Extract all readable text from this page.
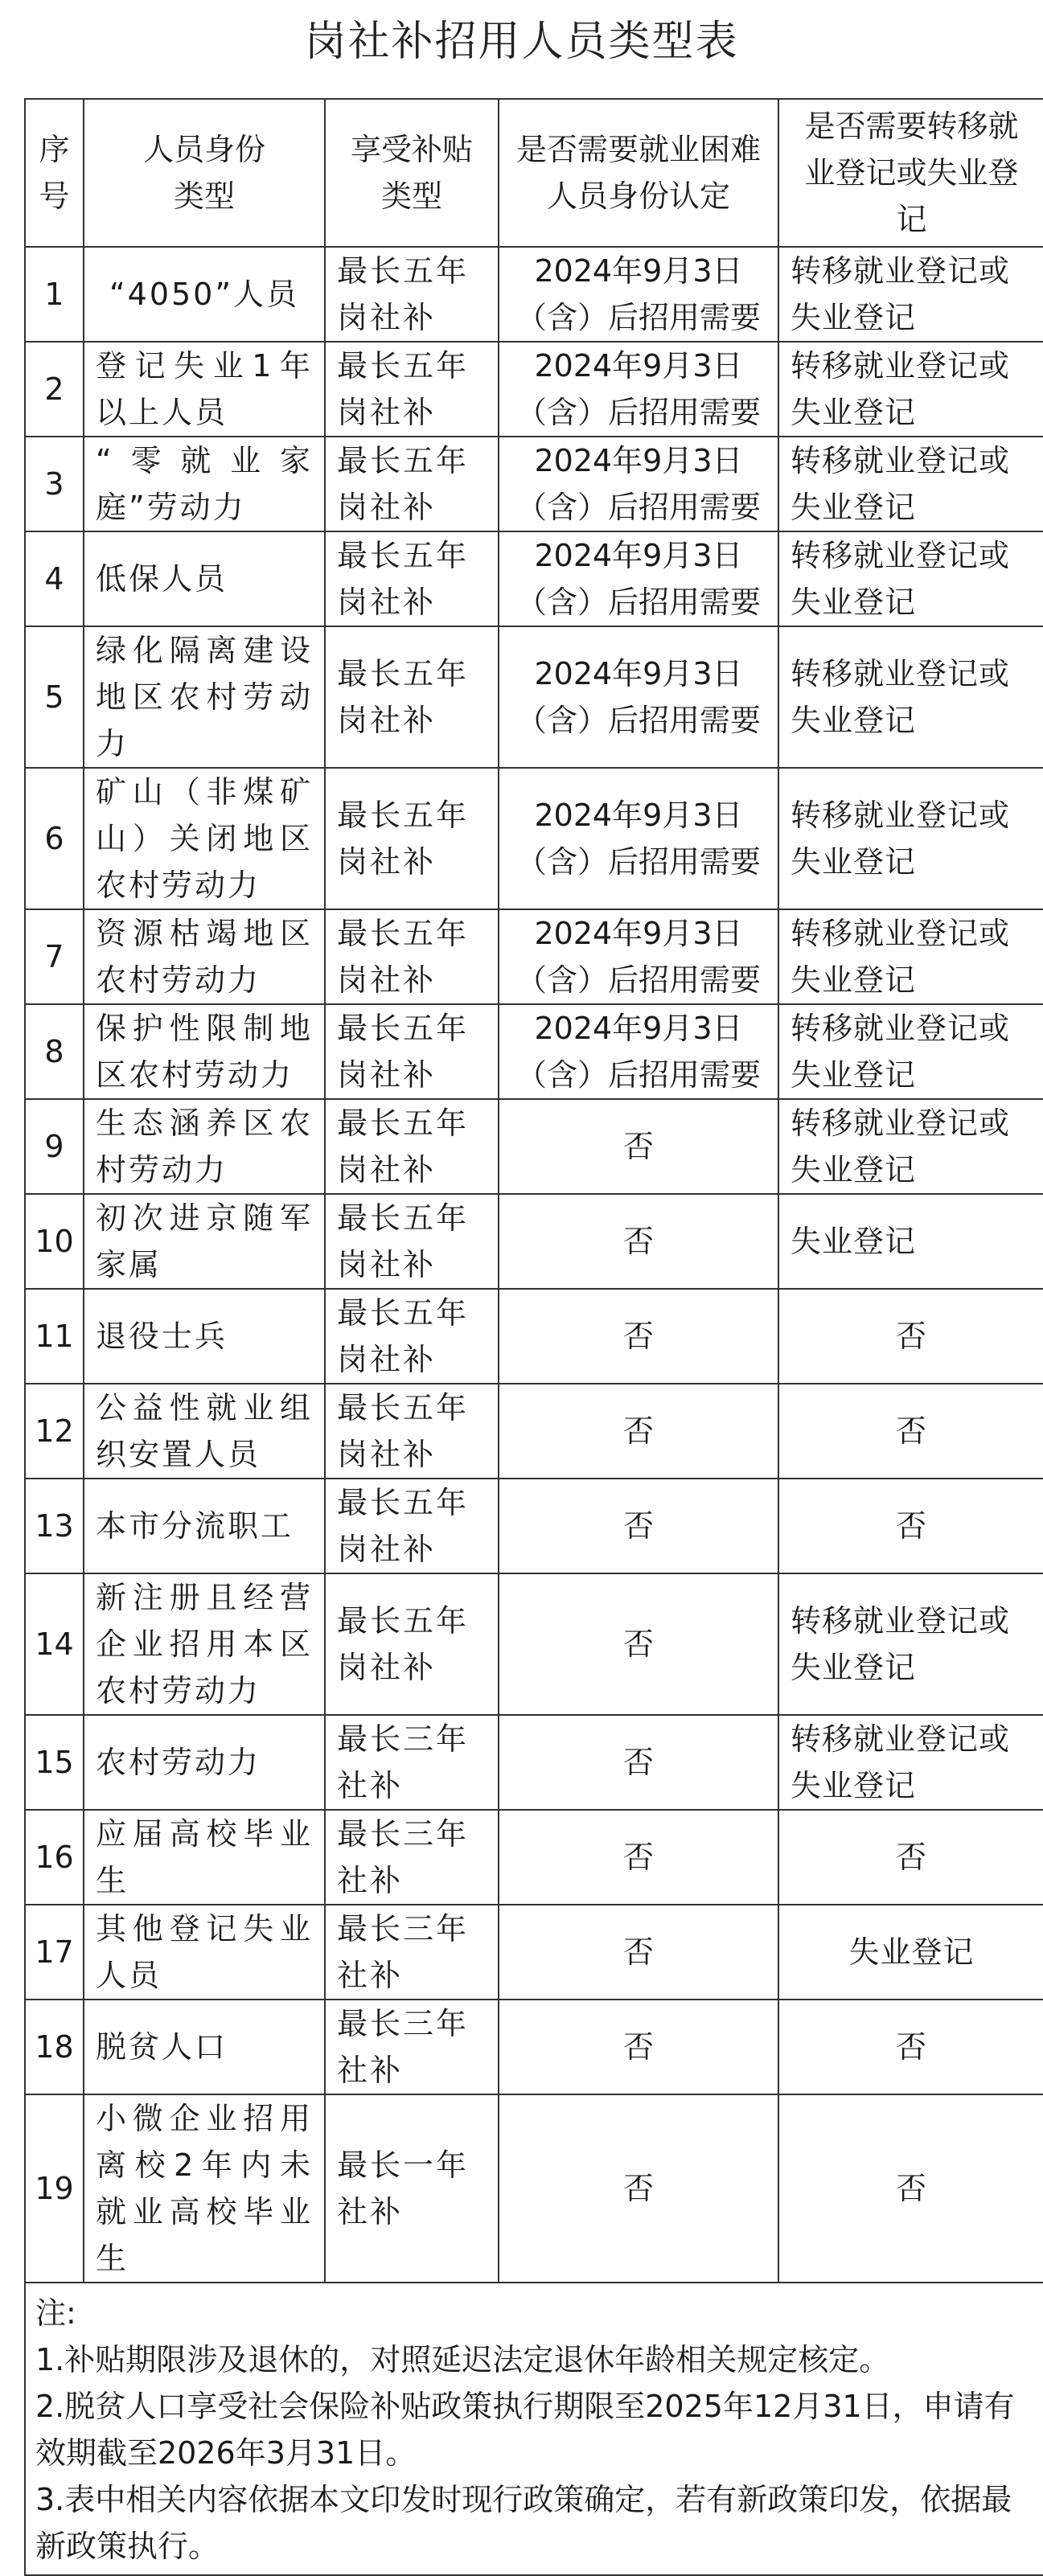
岗社补招用人员类型表
序号	人员身份类型	享受补贴类型	是否需要就业困难人员身份认定	是否需要转移就业登记或失业登记
1	“4050”人员	最长五年岗社补	2024年9月3日（含）后招用需要	转移就业登记或失业登记
2	登记失业1年以上人员	最长五年岗社补	2024年9月3日（含）后招用需要	转移就业登记或失业登记
3	“零就业家庭”劳动力	最长五年岗社补	2024年9月3日（含）后招用需要	转移就业登记或失业登记
4	低保人员	最长五年岗社补	2024年9月3日（含）后招用需要	转移就业登记或失业登记
5	绿化隔离建设地区农村劳动力	最长五年岗社补	2024年9月3日（含）后招用需要	转移就业登记或失业登记
6	矿山（非煤矿山）关闭地区农村劳动力	最长五年岗社补	2024年9月3日（含）后招用需要	转移就业登记或失业登记
7	资源枯竭地区农村劳动力	最长五年岗社补	2024年9月3日（含）后招用需要	转移就业登记或失业登记
8	保护性限制地区农村劳动力	最长五年岗社补	2024年9月3日（含）后招用需要	转移就业登记或失业登记
9	生态涵养区农村劳动力	最长五年岗社补	否	转移就业登记或失业登记
10	初次进京随军家属	最长五年岗社补	否	失业登记
11	退役士兵	最长五年岗社补	否	否
12	公益性就业组织安置人员	最长五年岗社补	否	否
13	本市分流职工	最长五年岗社补	否	否
14	新注册且经营企业招用本区农村劳动力	最长五年岗社补	否	转移就业登记或失业登记
15	农村劳动力	最长三年社补	否	转移就业登记或失业登记
16	应届高校毕业生	最长三年社补	否	否
17	其他登记失业人员	最长三年社补	否	失业登记
18	脱贫人口	最长三年社补	否	否
19	小微企业招用离校2年内未就业高校毕业生	最长一年社补	否	否

注:
1.补贴期限涉及退休的，对照延迟法定退休年龄相关规定核定。
2.脱贫人口享受社会保险补贴政策执行期限至2025年12月31日，申请有效期截至2026年3月31日。
3.表中相关内容依据本文印发时现行政策确定，若有新政策印发，依据最新政策执行。				
